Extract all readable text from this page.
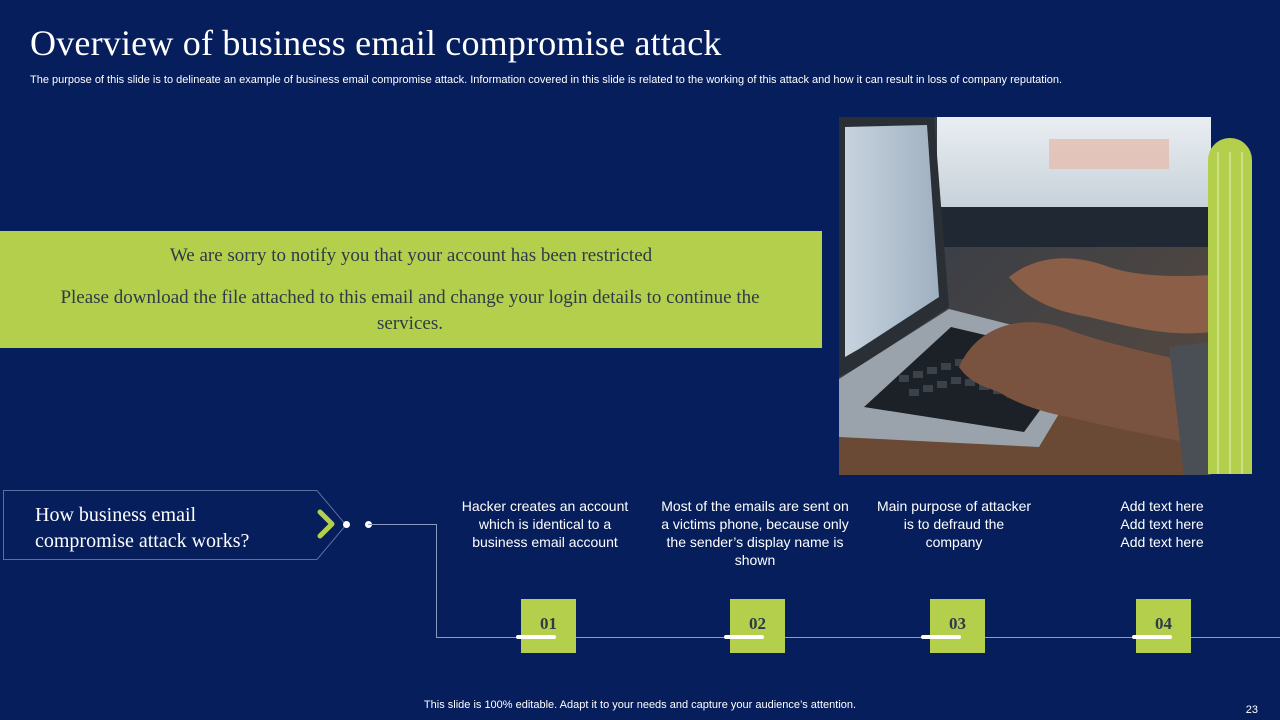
Overview of business email compromise attack
The purpose of this slide is to delineate an example of business email compromise attack. Information covered in this slide is related to the working of this attack and how it can result in loss of company reputation.
We are sorry to notify you that your account has been restricted
Please download the file attached to this email and change your login details to continue the services.
How business email compromise attack works?
Hacker creates an account which is identical to a business email account
Most of the emails are sent on a victims phone, because only the sender’s display name is shown
Main purpose of attacker is to defraud the company
Add text here Add text here Add text here
01	02	03	04
This slide is 100% editable. Adapt it to your needs and capture your audience’s attention.	23
